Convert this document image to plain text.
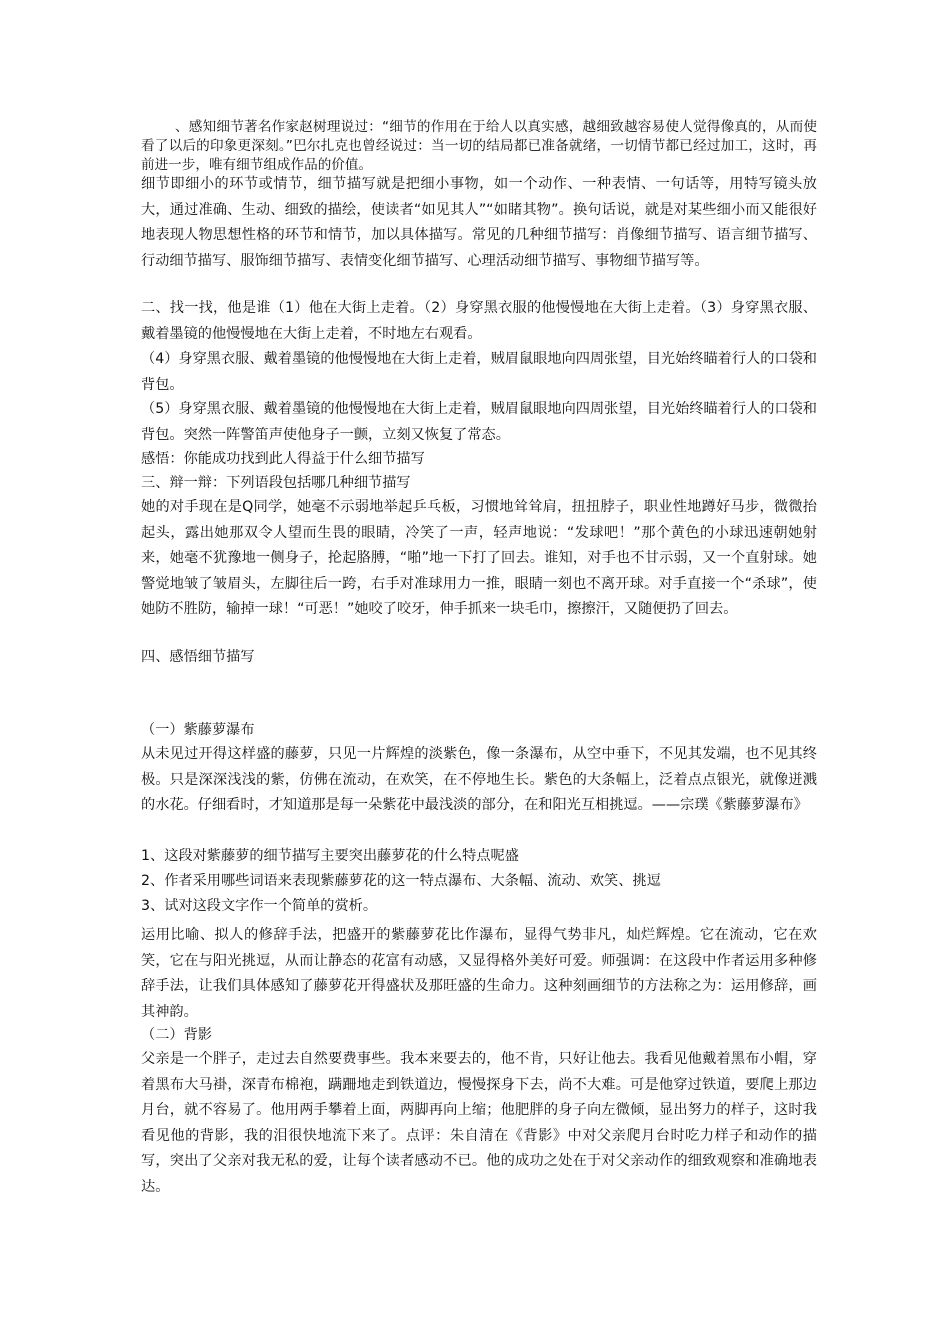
、感知细节著名作家赵树理说过：“细节的作用在于给人以真实感，越细致越容易使人觉得像真的，从而使看了以后的印象更深刻。”巴尔扎克也曾经说过：当一切的结局都已准备就绪，一切情节都已经过加工，这时，再前进一步，唯有细节组成作品的价值。

细节即细小的环节或情节，细节描写就是把细小事物，如一个动作、一种表情、一句话等，用特写镜头放大，通过准确、生动、细致的描绘，使读者“如见其人”“如睹其物”。换句话说，就是对某些细小而又能很好地表现人物思想性格的环节和情节，加以具体描写。常见的几种细节描写：肖像细节描写、语言细节描写、行动细节描写、服饰细节描写、表情变化细节描写、心理活动细节描写、事物细节描写等。

二、找一找，他是谁（1）他在大街上走着。（2）身穿黑衣服的他慢慢地在大街上走着。（3）身穿黑衣服、戴着墨镜的他慢慢地在大街上走着，不时地左右观看。

（4）身穿黑衣服、戴着墨镜的他慢慢地在大街上走着，贼眉鼠眼地向四周张望，目光始终瞄着行人的口袋和背包。

（5）身穿黑衣服、戴着墨镜的他慢慢地在大街上走着，贼眉鼠眼地向四周张望，目光始终瞄着行人的口袋和背包。突然一阵警笛声使他身子一颤，立刻又恢复了常态。

感悟：你能成功找到此人得益于什么细节描写

三、辩一辩：下列语段包括哪几种细节描写

她的对手现在是Q同学，她毫不示弱地举起乒乓板，习惯地耸耸肩，扭扭脖子，职业性地蹲好马步，微微抬起头，露出她那双令人望而生畏的眼睛，冷笑了一声，轻声地说：“发球吧！”那个黄色的小球迅速朝她射来，她毫不犹豫地一侧身子，抡起胳膊，“啪”地一下打了回去。谁知，对手也不甘示弱，又一个直射球。她警觉地皱了皱眉头，左脚往后一跨，右手对准球用力一推，眼睛一刻也不离开球。对手直接一个“杀球”，使她防不胜防，输掉一球！“可恶！”她咬了咬牙，伸手抓来一块毛巾，擦擦汗，又随便扔了回去。

四、感悟细节描写

（一）紫藤萝瀑布

从未见过开得这样盛的藤萝，只见一片辉煌的淡紫色，像一条瀑布，从空中垂下，不见其发端，也不见其终极。只是深深浅浅的紫，仿佛在流动，在欢笑，在不停地生长。紫色的大条幅上，泛着点点银光，就像迸溅的水花。仔细看时，才知道那是每一朵紫花中最浅淡的部分，在和阳光互相挑逗。——宗璞《紫藤萝瀑布》

1、这段对紫藤萝的细节描写主要突出藤萝花的什么特点呢盛

2、作者采用哪些词语来表现紫藤萝花的这一特点瀑布、大条幅、流动、欢笑、挑逗

3、试对这段文字作一个简单的赏析。

运用比喻、拟人的修辞手法，把盛开的紫藤萝花比作瀑布，显得气势非凡，灿烂辉煌。它在流动，它在欢笑，它在与阳光挑逗，从而让静态的花富有动感，又显得格外美好可爱。师强调：在这段中作者运用多种修辞手法，让我们具体感知了藤萝花开得盛状及那旺盛的生命力。这种刻画细节的方法称之为：运用修辞，画其神韵。

（二）背影

父亲是一个胖子，走过去自然要费事些。我本来要去的，他不肯，只好让他去。我看见他戴着黑布小帽，穿着黑布大马褂，深青布棉袍，蹒跚地走到铁道边，慢慢探身下去，尚不大难。可是他穿过铁道，要爬上那边月台，就不容易了。他用两手攀着上面，两脚再向上缩；他肥胖的身子向左微倾，显出努力的样子，这时我看见他的背影，我的泪很快地流下来了。点评：朱自清在《背影》中对父亲爬月台时吃力样子和动作的描写，突出了父亲对我无私的爱，让每个读者感动不已。他的成功之处在于对父亲动作的细致观察和准确地表达。
